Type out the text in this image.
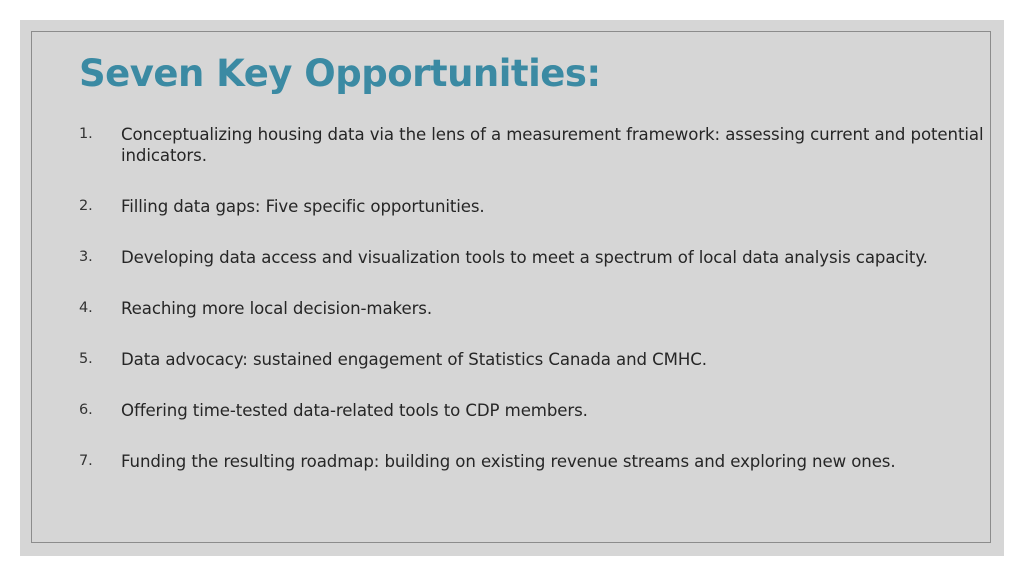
Seven Key Opportunities:
1. Conceptualizing housing data via the lens of a measurement framework: assessing current and potential indicators.
2. Filling data gaps: Five specific opportunities.
3. Developing data access and visualization tools to meet a spectrum of local data analysis capacity.
4. Reaching more local decision-makers.
5. Data advocacy: sustained engagement of Statistics Canada and CMHC.
6. Offering time-tested data-related tools to CDP members.
7. Funding the resulting roadmap: building on existing revenue streams and exploring new ones.
